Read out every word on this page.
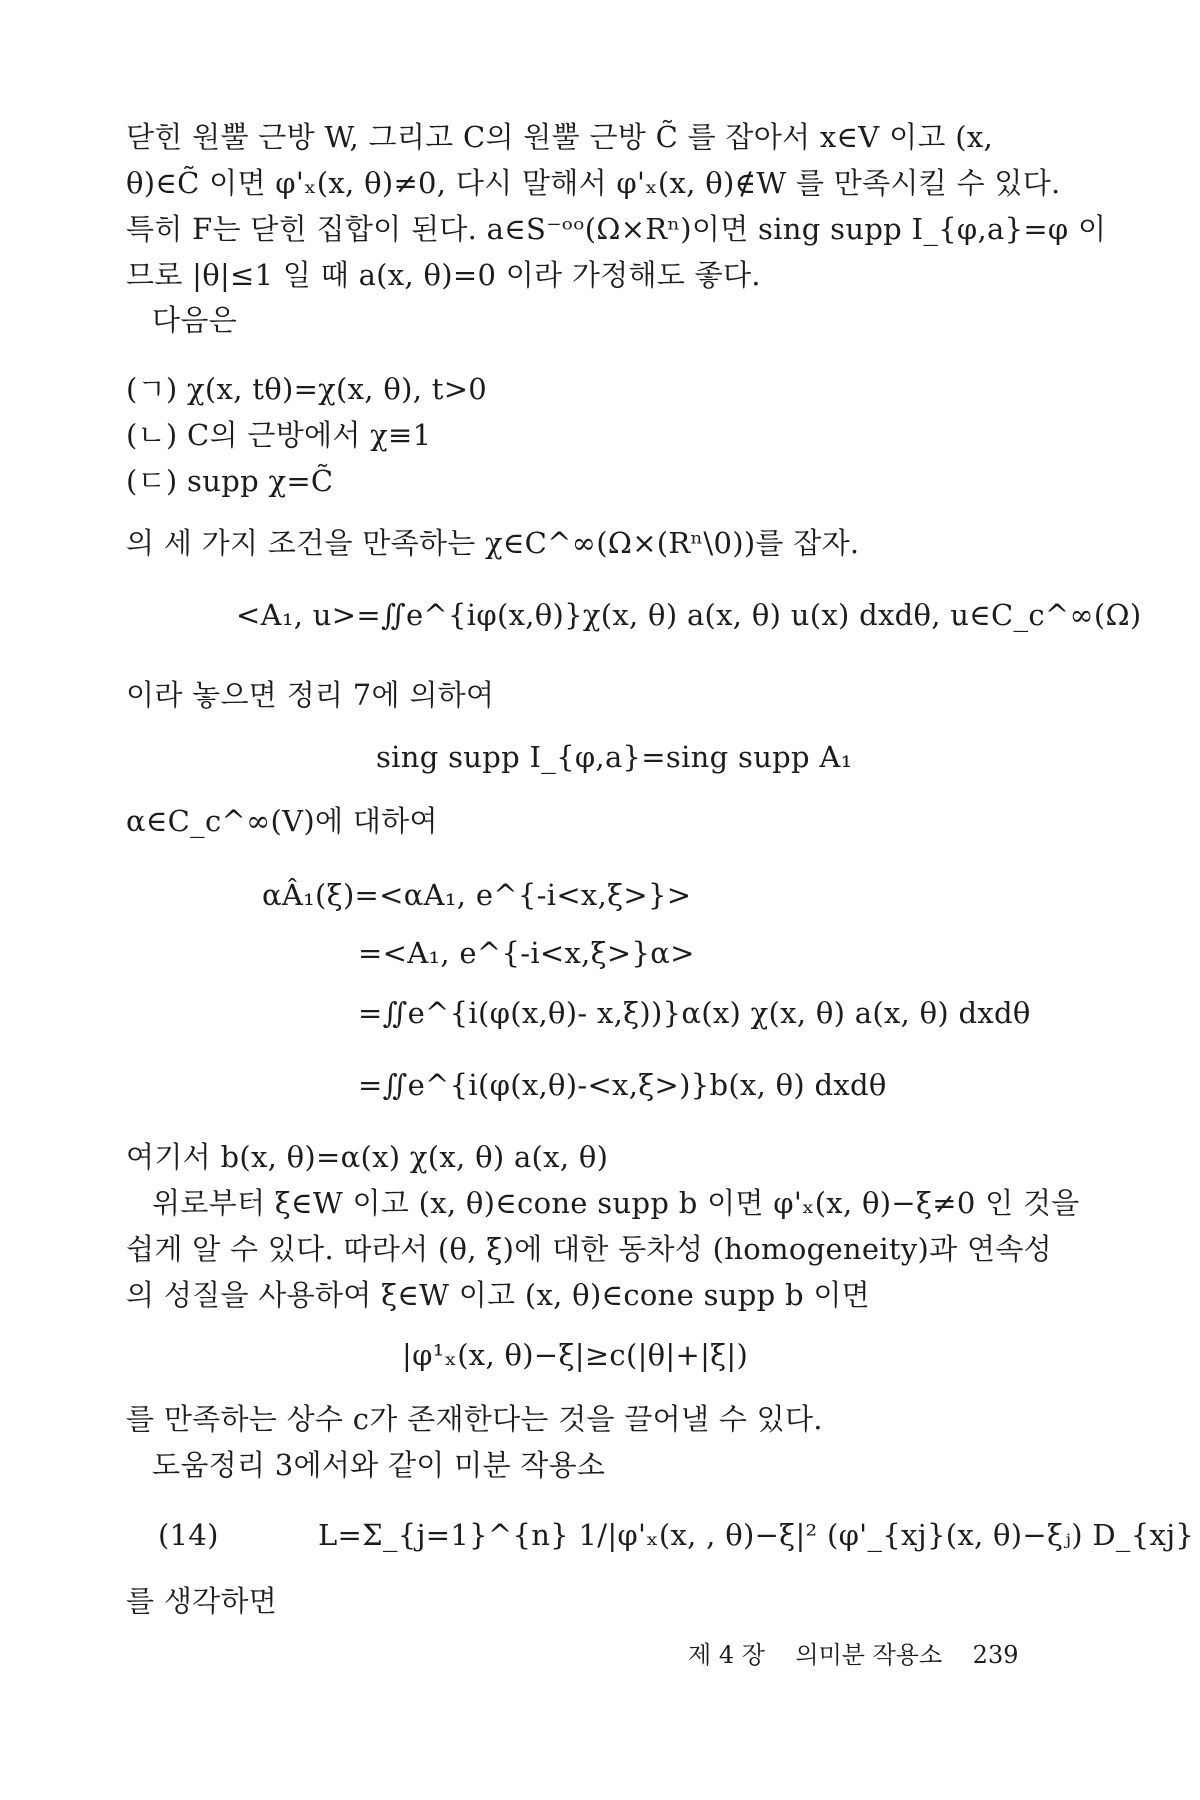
닫힌 원뿔 근방 W, 그리고 C의 원뿔 근방 C̃ 를 잡아서 x∈V 이고 (x,
θ)∈C̃ 이면 φ'ₓ(x, θ)≠0, 다시 말해서 φ'ₓ(x, θ)∉W 를 만족시킬 수 있다.
특히 F는 닫힌 집합이 된다. a∈S⁻ᵒᵒ(Ω×Rⁿ)이면 sing supp I_{φ,a}=φ 이
므로 |θ|≤1 일 때 a(x, θ)=0 이라 가정해도 좋다.
다음은
(ㄱ) χ(x, tθ)=χ(x, θ), t>0
(ㄴ) C의 근방에서 χ≡1
(ㄷ) supp χ=C̃
의 세 가지 조건을 만족하는 χ∈C^∞(Ω×(Rⁿ\0))를 잡자.
<A₁, u>=∬e^{iφ(x,θ)}χ(x, θ) a(x, θ) u(x) dxdθ, u∈C_c^∞(Ω)
이라 놓으면 정리 7에 의하여
sing supp I_{φ,a}=sing supp A₁
α∈C_c^∞(V)에 대하여
αÂ₁(ξ)=<αA₁, e^{-i<x,ξ>}>
=<A₁, e^{-i<x,ξ>}α>
=∬e^{i(φ(x,θ)- x,ξ))}α(x) χ(x, θ) a(x, θ) dxdθ
=∬e^{i(φ(x,θ)-<x,ξ>)}b(x, θ) dxdθ
여기서 b(x, θ)=α(x) χ(x, θ) a(x, θ)
위로부터 ξ∈W 이고 (x, θ)∈cone supp b 이면 φ'ₓ(x, θ)−ξ≠0 인 것을
쉽게 알 수 있다. 따라서 (θ, ξ)에 대한 동차성 (homogeneity)과 연속성
의 성질을 사용하여 ξ∈W 이고 (x, θ)∈cone supp b 이면
|φ¹ₓ(x, θ)−ξ|≥c(|θ|+|ξ|)
를 만족하는 상수 c가 존재한다는 것을 끌어낼 수 있다.
도움정리 3에서와 같이 미분 작용소
(14)	L=Σ_{j=1}^{n} 1/|φ'ₓ(x, , θ)−ξ|² (φ'_{xj}(x, θ)−ξⱼ) D_{xj}
를 생각하면
제 4 장 의미분 작용소 239
